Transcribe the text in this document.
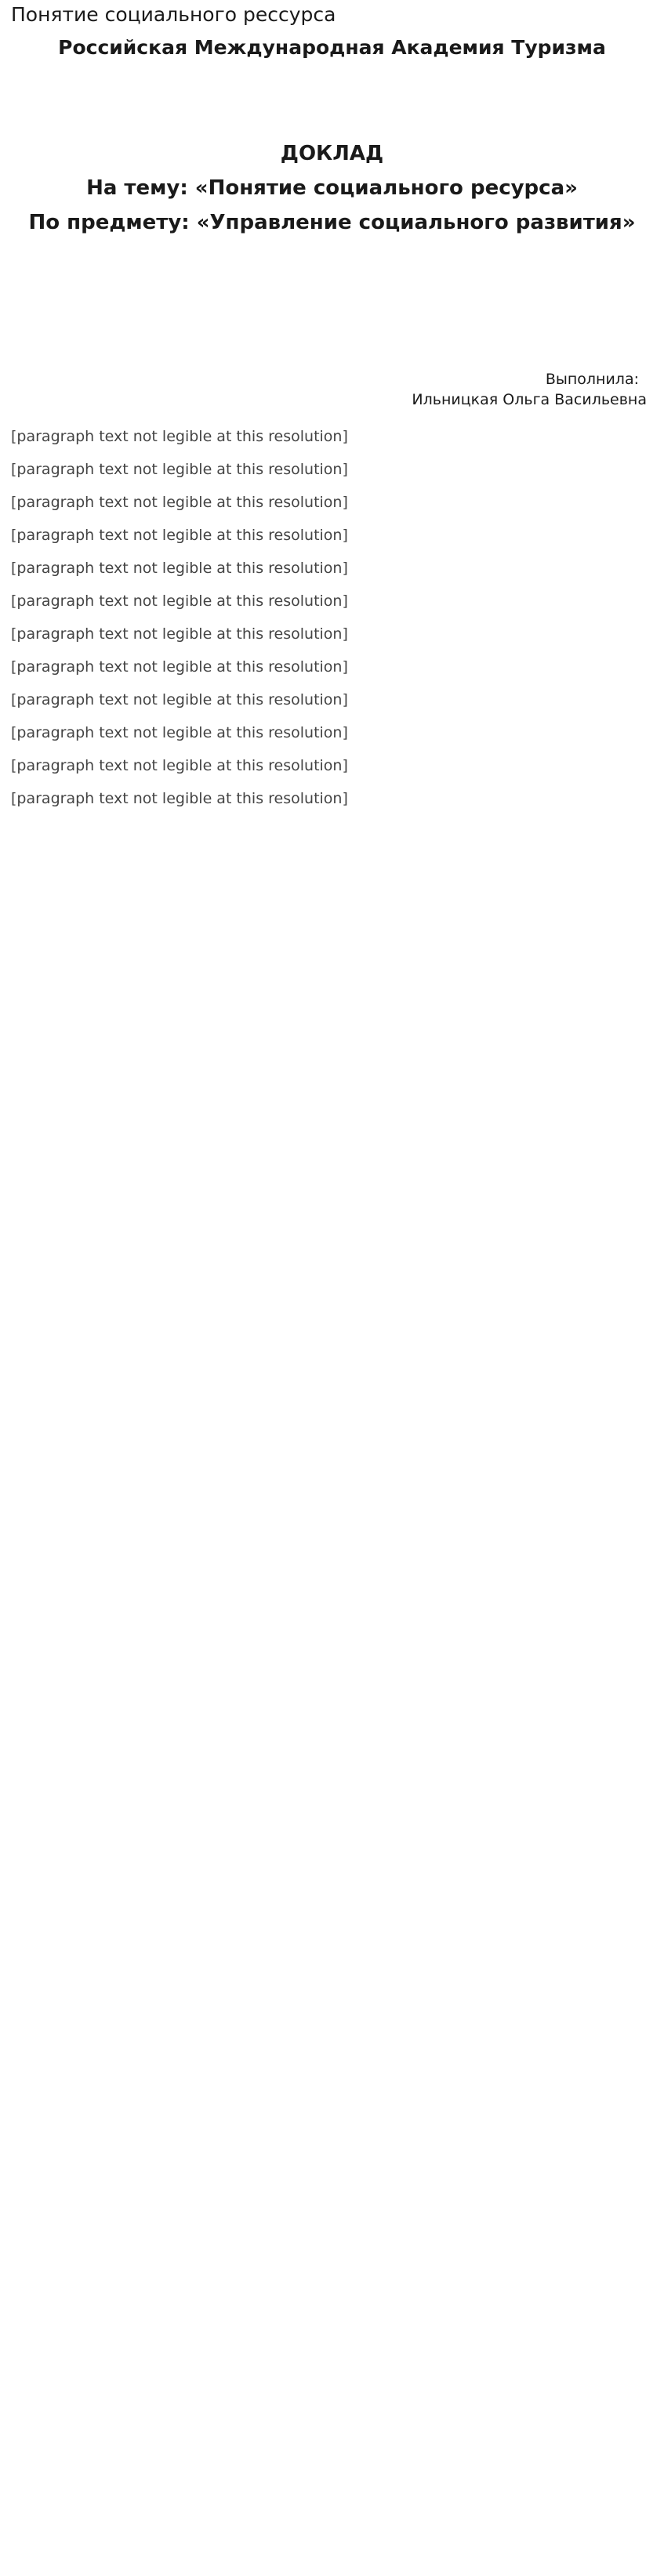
Понятие социального рессурса
Российская Международная Академия Туризма
ДОКЛАД
На тему: «Понятие социального ресурса»
По предмету: «Управление социального развития»
Выполнила:
Ильницкая Ольга Васильевна

[paragraph text not legible at this resolution]

[paragraph text not legible at this resolution]

[paragraph text not legible at this resolution]

[paragraph text not legible at this resolution]

[paragraph text not legible at this resolution]

[paragraph text not legible at this resolution]

[paragraph text not legible at this resolution]

[paragraph text not legible at this resolution]

[paragraph text not legible at this resolution]

[paragraph text not legible at this resolution]

[paragraph text not legible at this resolution]

[paragraph text not legible at this resolution]
